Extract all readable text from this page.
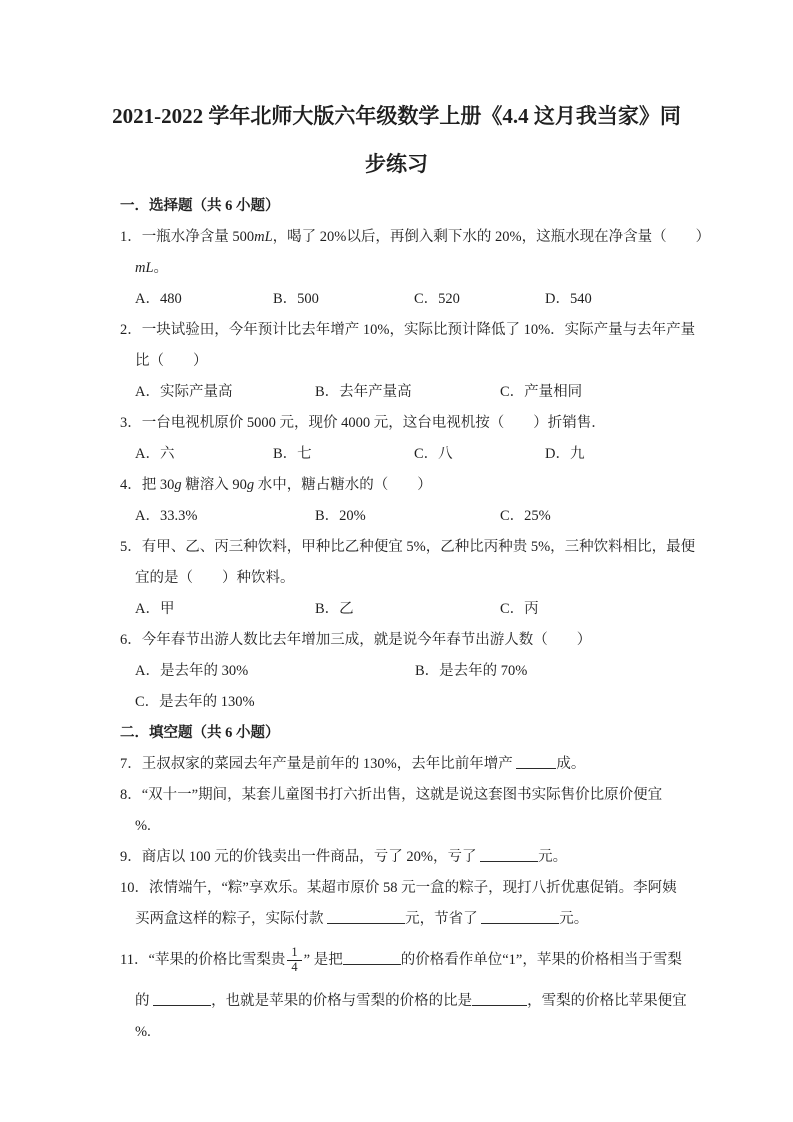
2021-2022 学年北师大版六年级数学上册《4.4 这月我当家》同
步练习
一．选择题（共 6 小题）
1．一瓶水净含量 500mL，喝了 20%以后，再倒入剩下水的 20%，这瓶水现在净含量（　　）
mL。
A．480	B．500	C．520	D．540
2．一块试验田，今年预计比去年增产 10%，实际比预计降低了 10%．实际产量与去年产量
比（　　）
A．实际产量高	B．去年产量高	C．产量相同
3．一台电视机原价 5000 元，现价 4000 元，这台电视机按（　　）折销售．
A．六	B．七	C．八	D．九
4．把 30g 糖溶入 90g 水中，糖占糖水的（　　）
A．33.3%	B．20%	C．25%
5．有甲、乙、丙三种饮料，甲种比乙种便宜 5%，乙种比丙种贵 5%，三种饮料相比，最便
宜的是（　　）种饮料。
A．甲	B．乙	C．丙
6．今年春节出游人数比去年增加三成，就是说今年春节出游人数（　　）
A．是去年的 30%	B．是去年的 70%
C．是去年的 130%
二．填空题（共 6 小题）
7．王叔叔家的菜园去年产量是前年的 130%，去年比前年增产	成。
8．“双十一”期间，某套儿童图书打六折出售，这就是说这套图书实际售价比原价便宜
%.
9．商店以 100 元的价钱卖出一件商品，亏了 20%，亏了	元。
10．浓情端午，“粽”享欢乐。某超市原价 58 元一盒的粽子，现打八折优惠促销。李阿姨
买两盒这样的粽子，实际付款	元，节省了	元。
11．“苹果的价格比雪梨贵 $\frac{1}{4}$ ” 是把	的价格看作单位“1”，苹果的价格相当于雪梨
的	，也就是苹果的价格与雪梨的价格的比是	，雪梨的价格比苹果便宜
%.
